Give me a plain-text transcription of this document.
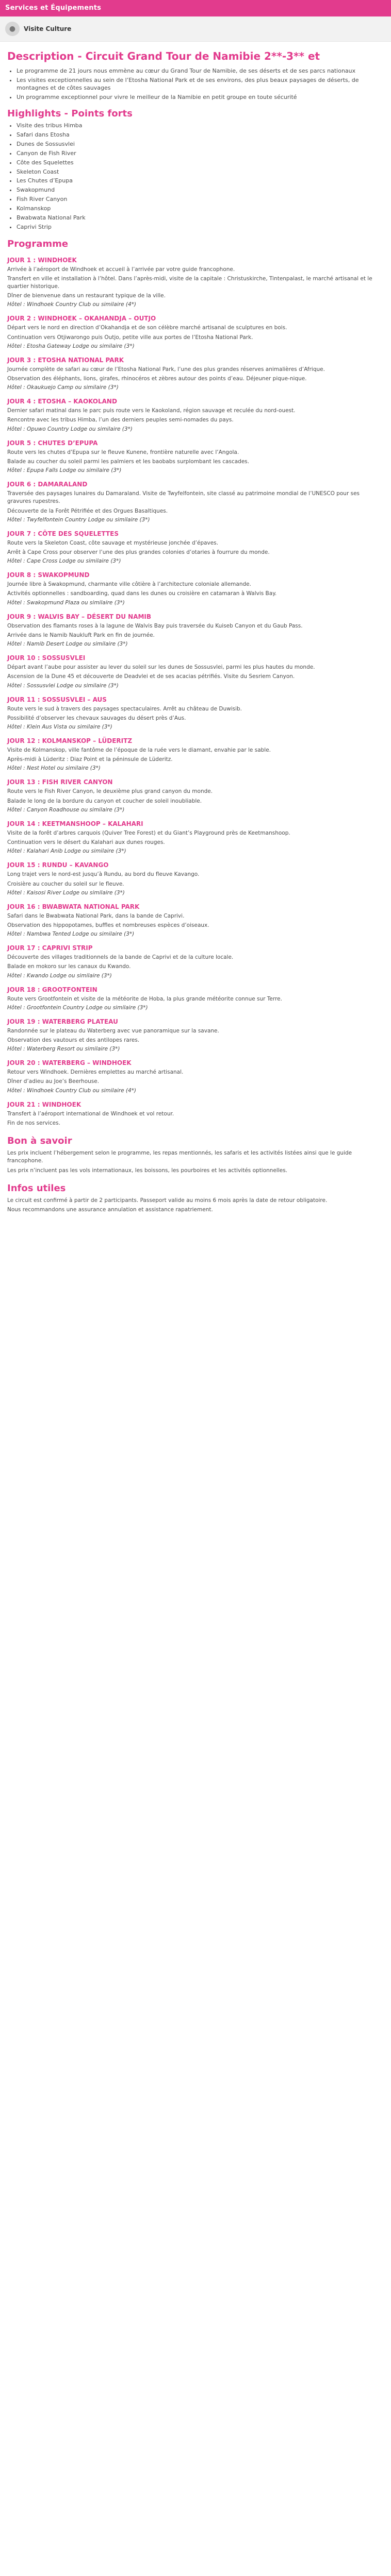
Services et Équipements
● Visite Culture
Description - Circuit Grand Tour de Namibie 2**-3** et
• Le programme de 21 jours nous emmène au cœur du Grand Tour de Namibie, de ses déserts et de ses parcs nationaux
• Les visites exceptionnelles au sein de l’Etosha National Park et de ses environs, des plus beaux paysages de déserts, de montagnes et de côtes sauvages
• Un programme exceptionnel pour vivre le meilleur de la Namibie en petit groupe en toute sécurité
Highlights - Points forts
• Visite des tribus Himba
• Safari dans Etosha
• Dunes de Sossusvlei
• Canyon de Fish River
• Côte des Squelettes
• Skeleton Coast
• Les Chutes d’Epupa
• Swakopmund
• Fish River Canyon
• Kolmanskop
• Bwabwata National Park
• Caprivi Strip
Programme
JOUR 1 : WINDHOEK
Arrivée à l’aéroport de Windhoek et accueil à l’arrivée par votre guide francophone.
Transfert en ville et installation à l’hôtel. Dans l’après-midi, visite de la capitale : Christuskirche, Tintenpalast, le marché artisanal et le quartier historique.
Dîner de bienvenue dans un restaurant typique de la ville.
Hôtel : Windhoek Country Club ou similaire (4*)
JOUR 2 : WINDHOEK – OKAHANDJA – OUTJO
Départ vers le nord en direction d’Okahandja et de son célèbre marché artisanal de sculptures en bois.
Continuation vers Otjiwarongo puis Outjo, petite ville aux portes de l’Etosha National Park.
Hôtel : Etosha Gateway Lodge ou similaire (3*)
JOUR 3 : ETOSHA NATIONAL PARK
Journée complète de safari au cœur de l’Etosha National Park, l’une des plus grandes réserves animalières d’Afrique.
Observation des éléphants, lions, girafes, rhinocéros et zèbres autour des points d’eau. Déjeuner pique-nique.
Hôtel : Okaukuejo Camp ou similaire (3*)
JOUR 4 : ETOSHA – KAOKOLAND
Dernier safari matinal dans le parc puis route vers le Kaokoland, région sauvage et reculée du nord-ouest.
Rencontre avec les tribus Himba, l’un des derniers peuples semi-nomades du pays.
Hôtel : Opuwo Country Lodge ou similaire (3*)
JOUR 5 : CHUTES D’EPUPA
Route vers les chutes d’Epupa sur le fleuve Kunene, frontière naturelle avec l’Angola.
Balade au coucher du soleil parmi les palmiers et les baobabs surplombant les cascades.
Hôtel : Epupa Falls Lodge ou similaire (3*)
JOUR 6 : DAMARALAND
Traversée des paysages lunaires du Damaraland. Visite de Twyfelfontein, site classé au patrimoine mondial de l’UNESCO pour ses gravures rupestres.
Découverte de la Forêt Pétrifiée et des Orgues Basaltiques.
Hôtel : Twyfelfontein Country Lodge ou similaire (3*)
JOUR 7 : CÔTE DES SQUELETTES
Route vers la Skeleton Coast, côte sauvage et mystérieuse jonchée d’épaves.
Arrêt à Cape Cross pour observer l’une des plus grandes colonies d’otaries à fourrure du monde.
Hôtel : Cape Cross Lodge ou similaire (3*)
JOUR 8 : SWAKOPMUND
Journée libre à Swakopmund, charmante ville côtière à l’architecture coloniale allemande.
Activités optionnelles : sandboarding, quad dans les dunes ou croisière en catamaran à Walvis Bay.
Hôtel : Swakopmund Plaza ou similaire (3*)
JOUR 9 : WALVIS BAY – DÉSERT DU NAMIB
Observation des flamants roses à la lagune de Walvis Bay puis traversée du Kuiseb Canyon et du Gaub Pass.
Arrivée dans le Namib Naukluft Park en fin de journée.
Hôtel : Namib Desert Lodge ou similaire (3*)
JOUR 10 : SOSSUSVLEI
Départ avant l’aube pour assister au lever du soleil sur les dunes de Sossusvlei, parmi les plus hautes du monde.
Ascension de la Dune 45 et découverte de Deadvlei et de ses acacias pétrifiés. Visite du Sesriem Canyon.
Hôtel : Sossusvlei Lodge ou similaire (3*)
JOUR 11 : SOSSUSVLEI – AUS
Route vers le sud à travers des paysages spectaculaires. Arrêt au château de Duwisib.
Possibilité d’observer les chevaux sauvages du désert près d’Aus.
Hôtel : Klein Aus Vista ou similaire (3*)
JOUR 12 : KOLMANSKOP – LÜDERITZ
Visite de Kolmanskop, ville fantôme de l’époque de la ruée vers le diamant, envahie par le sable.
Après-midi à Lüderitz : Diaz Point et la péninsule de Lüderitz.
Hôtel : Nest Hotel ou similaire (3*)
JOUR 13 : FISH RIVER CANYON
Route vers le Fish River Canyon, le deuxième plus grand canyon du monde.
Balade le long de la bordure du canyon et coucher de soleil inoubliable.
Hôtel : Canyon Roadhouse ou similaire (3*)
JOUR 14 : KEETMANSHOOP – KALAHARI
Visite de la forêt d’arbres carquois (Quiver Tree Forest) et du Giant’s Playground près de Keetmanshoop.
Continuation vers le désert du Kalahari aux dunes rouges.
Hôtel : Kalahari Anib Lodge ou similaire (3*)
JOUR 15 : RUNDU – KAVANGO
Long trajet vers le nord-est jusqu’à Rundu, au bord du fleuve Kavango.
Croisière au coucher du soleil sur le fleuve.
Hôtel : Kaisosi River Lodge ou similaire (3*)
JOUR 16 : BWABWATA NATIONAL PARK
Safari dans le Bwabwata National Park, dans la bande de Caprivi.
Observation des hippopotames, buffles et nombreuses espèces d’oiseaux.
Hôtel : Nambwa Tented Lodge ou similaire (3*)
JOUR 17 : CAPRIVI STRIP
Découverte des villages traditionnels de la bande de Caprivi et de la culture locale.
Balade en mokoro sur les canaux du Kwando.
Hôtel : Kwando Lodge ou similaire (3*)
JOUR 18 : GROOTFONTEIN
Route vers Grootfontein et visite de la météorite de Hoba, la plus grande météorite connue sur Terre.
Hôtel : Grootfontein Country Lodge ou similaire (3*)
JOUR 19 : WATERBERG PLATEAU
Randonnée sur le plateau du Waterberg avec vue panoramique sur la savane.
Observation des vautours et des antilopes rares.
Hôtel : Waterberg Resort ou similaire (3*)
JOUR 20 : WATERBERG – WINDHOEK
Retour vers Windhoek. Dernières emplettes au marché artisanal.
Dîner d’adieu au Joe’s Beerhouse.
Hôtel : Windhoek Country Club ou similaire (4*)
JOUR 21 : WINDHOEK
Transfert à l’aéroport international de Windhoek et vol retour.
Fin de nos services.
Bon à savoir
Les prix incluent l’hébergement selon le programme, les repas mentionnés, les safaris et les activités listées ainsi que le guide francophone.
Les prix n’incluent pas les vols internationaux, les boissons, les pourboires et les activités optionnelles.
Infos utiles
Le circuit est confirmé à partir de 2 participants. Passeport valide au moins 6 mois après la date de retour obligatoire.
Nous recommandons une assurance annulation et assistance rapatriement.
